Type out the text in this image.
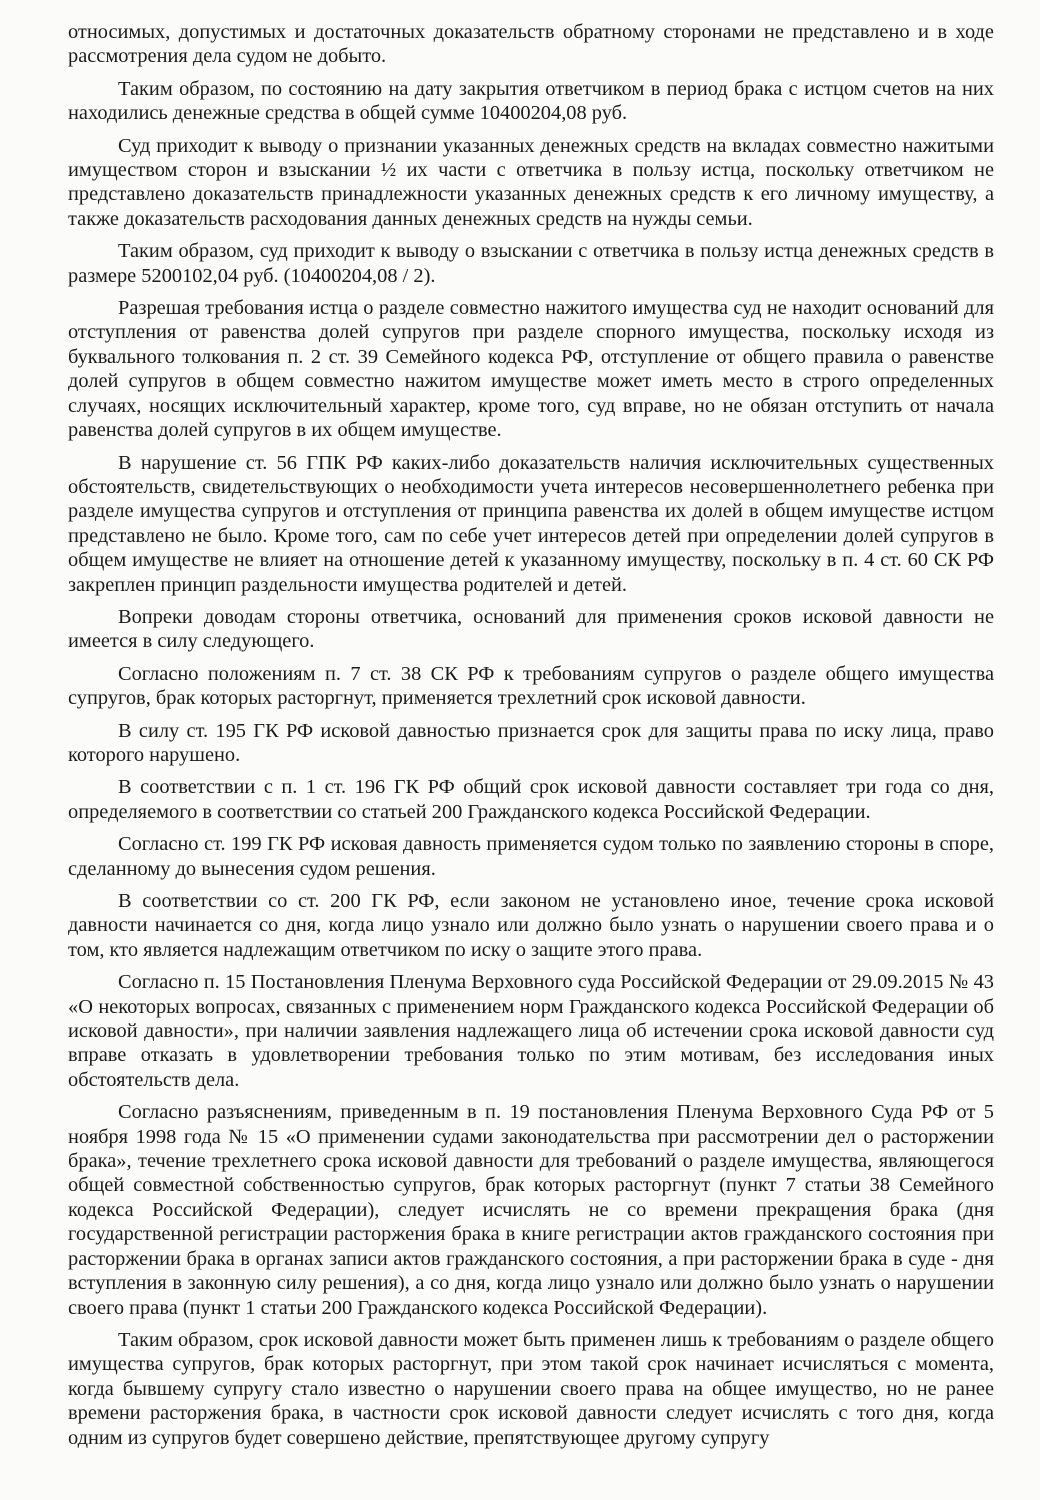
относимых, допустимых и достаточных доказательств обратному сторонами не представлено и в ходе рассмотрения дела судом не добыто.

Таким образом, по состоянию на дату закрытия ответчиком в период брака с истцом счетов на них находились денежные средства в общей сумме 10400204,08 руб.

Суд приходит к выводу о признании указанных денежных средств на вкладах совместно нажитыми имуществом сторон и взыскании ½ их части с ответчика в пользу истца, поскольку ответчиком не представлено доказательств принадлежности указанных денежных средств к его личному имуществу, а также доказательств расходования данных денежных средств на нужды семьи.

Таким образом, суд приходит к выводу о взыскании с ответчика в пользу истца денежных средств в размере 5200102,04 руб. (10400204,08 / 2).

Разрешая требования истца о разделе совместно нажитого имущества суд не находит оснований для отступления от равенства долей супругов при разделе спорного имущества, поскольку исходя из буквального толкования п. 2 ст. 39 Семейного кодекса РФ, отступление от общего правила о равенстве долей супругов в общем совместно нажитом имуществе может иметь место в строго определенных случаях, носящих исключительный характер, кроме того, суд вправе, но не обязан отступить от начала равенства долей супругов в их общем имуществе.

В нарушение ст. 56 ГПК РФ каких-либо доказательств наличия исключительных существенных обстоятельств, свидетельствующих о необходимости учета интересов несовершеннолетнего ребенка при разделе имущества супругов и отступления от принципа равенства их долей в общем имуществе истцом представлено не было. Кроме того, сам по себе учет интересов детей при определении долей супругов в общем имуществе не влияет на отношение детей к указанному имуществу, поскольку в п. 4 ст. 60 СК РФ закреплен принцип раздельности имущества родителей и детей.

Вопреки доводам стороны ответчика, оснований для применения сроков исковой давности не имеется в силу следующего.

Согласно положениям п. 7 ст. 38 СК РФ к требованиям супругов о разделе общего имущества супругов, брак которых расторгнут, применяется трехлетний срок исковой давности.

В силу ст. 195 ГК РФ исковой давностью признается срок для защиты права по иску лица, право которого нарушено.

В соответствии с п. 1 ст. 196 ГК РФ общий срок исковой давности составляет три года со дня, определяемого в соответствии со статьей 200 Гражданского кодекса Российской Федерации.

Согласно ст. 199 ГК РФ исковая давность применяется судом только по заявлению стороны в споре, сделанному до вынесения судом решения.

В соответствии со ст. 200 ГК РФ, если законом не установлено иное, течение срока исковой давности начинается со дня, когда лицо узнало или должно было узнать о нарушении своего права и о том, кто является надлежащим ответчиком по иску о защите этого права.

Согласно п. 15 Постановления Пленума Верховного суда Российской Федерации от 29.09.2015 № 43 «О некоторых вопросах, связанных с применением норм Гражданского кодекса Российской Федерации об исковой давности», при наличии заявления надлежащего лица об истечении срока исковой давности суд вправе отказать в удовлетворении требования только по этим мотивам, без исследования иных обстоятельств дела.

Согласно разъяснениям, приведенным в п. 19 постановления Пленума Верховного Суда РФ от 5 ноября 1998 года № 15 «О применении судами законодательства при рассмотрении дел о расторжении брака», течение трехлетнего срока исковой давности для требований о разделе имущества, являющегося общей совместной собственностью супругов, брак которых расторгнут (пункт 7 статьи 38 Семейного кодекса Российской Федерации), следует исчислять не со времени прекращения брака (дня государственной регистрации расторжения брака в книге регистрации актов гражданского состояния при расторжении брака в органах записи актов гражданского состояния, а при расторжении брака в суде - дня вступления в законную силу решения), а со дня, когда лицо узнало или должно было узнать о нарушении своего права (пункт 1 статьи 200 Гражданского кодекса Российской Федерации).

Таким образом, срок исковой давности может быть применен лишь к требованиям о разделе общего имущества супругов, брак которых расторгнут, при этом такой срок начинает исчисляться с момента, когда бывшему супругу стало известно о нарушении своего права на общее имущество, но не ранее времени расторжения брака, в частности срок исковой давности следует исчислять с того дня, когда одним из супругов будет совершено действие, препятствующее другому супругу
